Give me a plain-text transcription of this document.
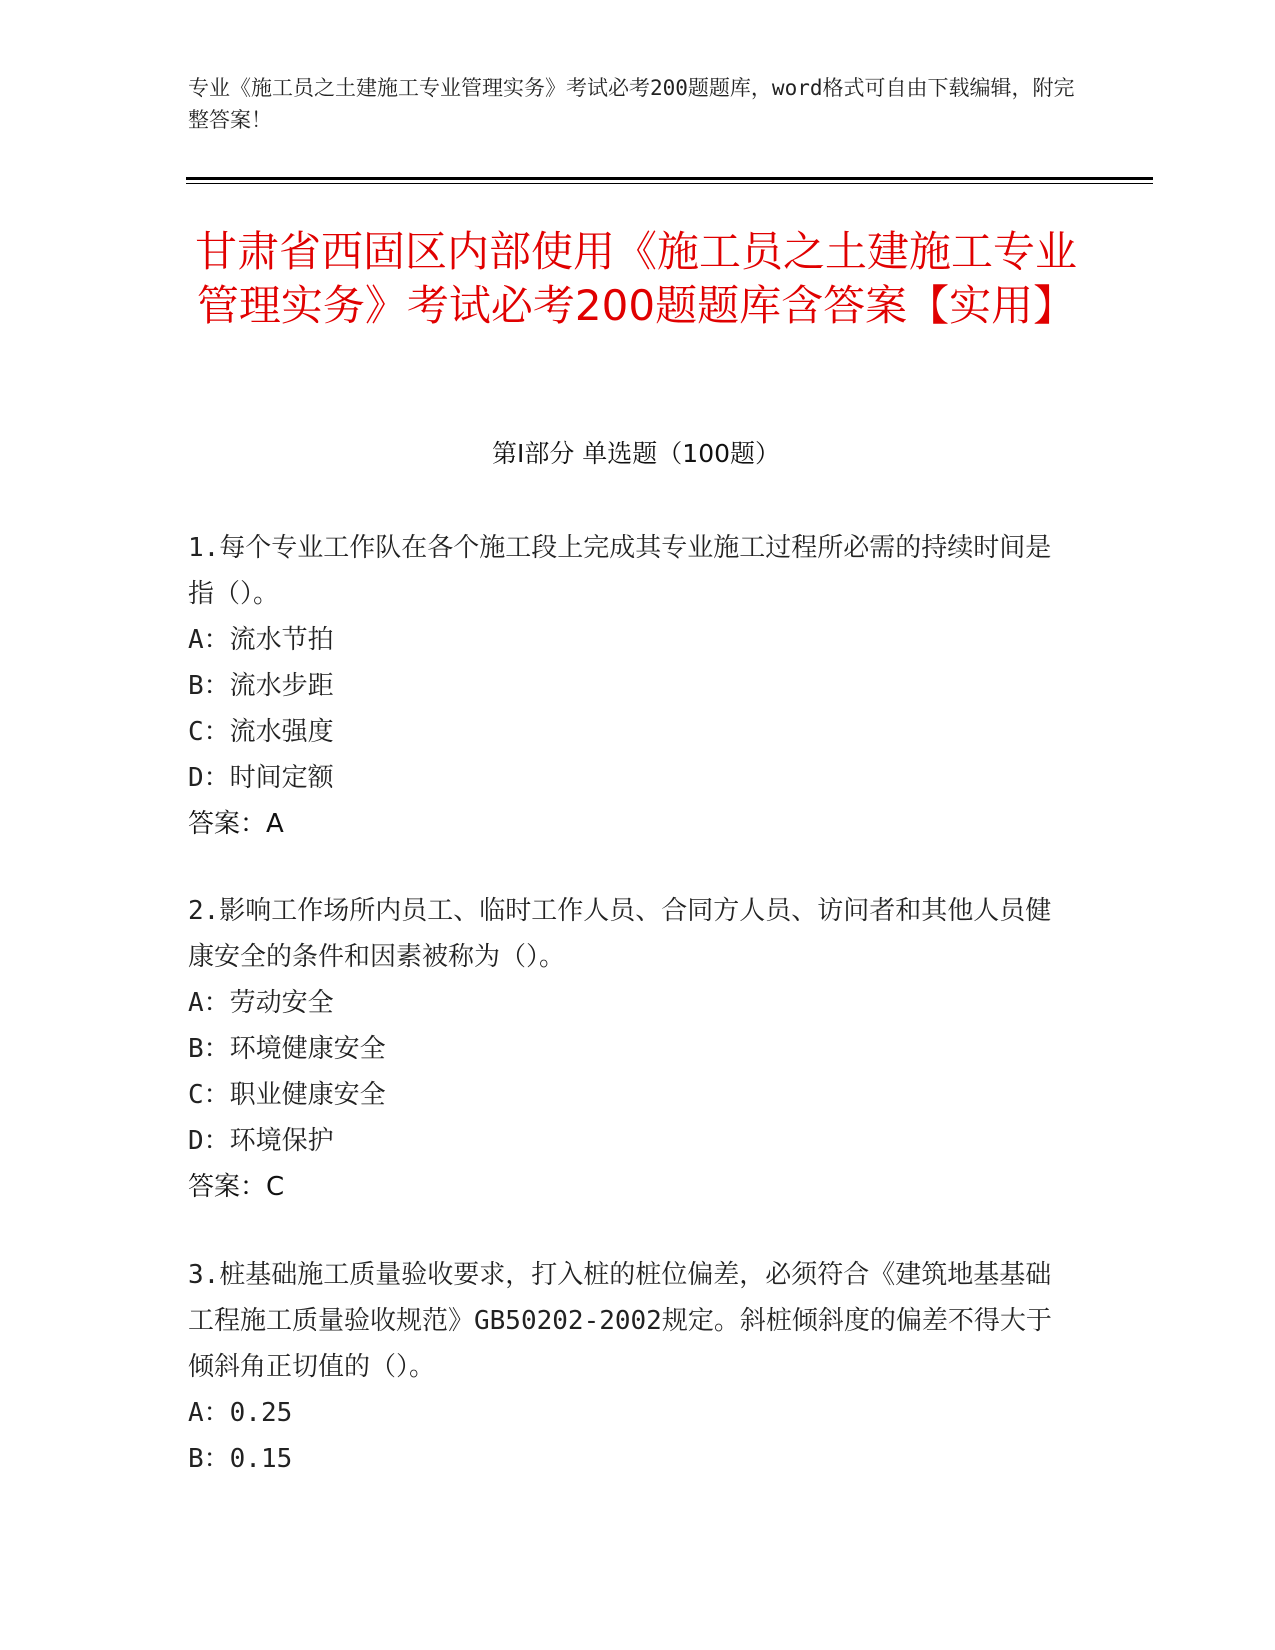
专业《施工员之土建施工专业管理实务》考试必考200题题库，word格式可自由下载编辑，附完整答案！
甘肃省西固区内部使用《施工员之土建施工专业管理实务》考试必考200题题库含答案【实用】
第Ⅰ部分 单选题（100题）

1.每个专业工作队在各个施工段上完成其专业施工过程所必需的持续时间是指（）。

A：流水节拍

B：流水步距

C：流水强度

D：时间定额

答案：A

2.影响工作场所内员工、临时工作人员、合同方人员、访问者和其他人员健康安全的条件和因素被称为（）。

A：劳动安全

B：环境健康安全

C：职业健康安全

D：环境保护

答案：C

3.桩基础施工质量验收要求，打入桩的桩位偏差，必须符合《建筑地基基础工程施工质量验收规范》GB50202-2002规定。斜桩倾斜度的偏差不得大于倾斜角正切值的（）。

A：0.25

B：0.15
